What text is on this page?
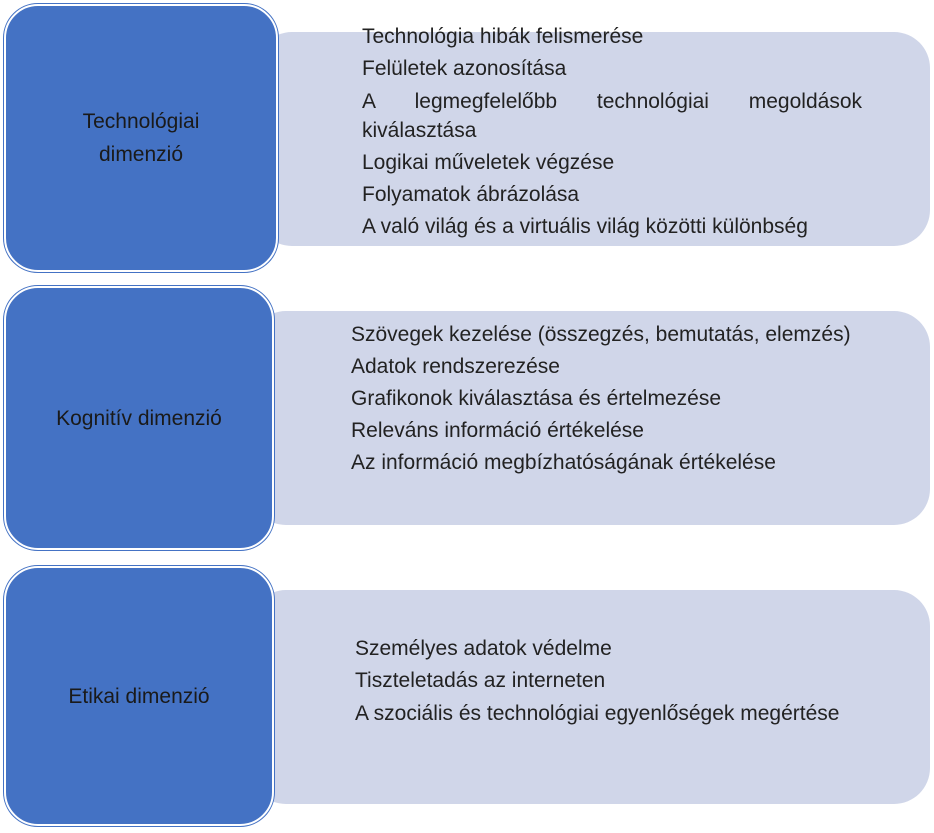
Technológiai dimenzió
Technológia hibák felismerése
Felületek azonosítása
A legmegfelelőbb technológiai megoldások kiválasztása
Logikai műveletek végzése
Folyamatok ábrázolása
A való világ és a virtuális világ közötti különbség
Kognitív dimenzió
Szövegek kezelése (összegzés, bemutatás, elemzés)
Adatok rendszerezése
Grafikonok kiválasztása és értelmezése
Releváns információ értékelése
Az információ megbízhatóságának értékelése
Etikai dimenzió
Személyes adatok védelme
Tiszteletadás az interneten
A szociális és technológiai egyenlőségek megértése
